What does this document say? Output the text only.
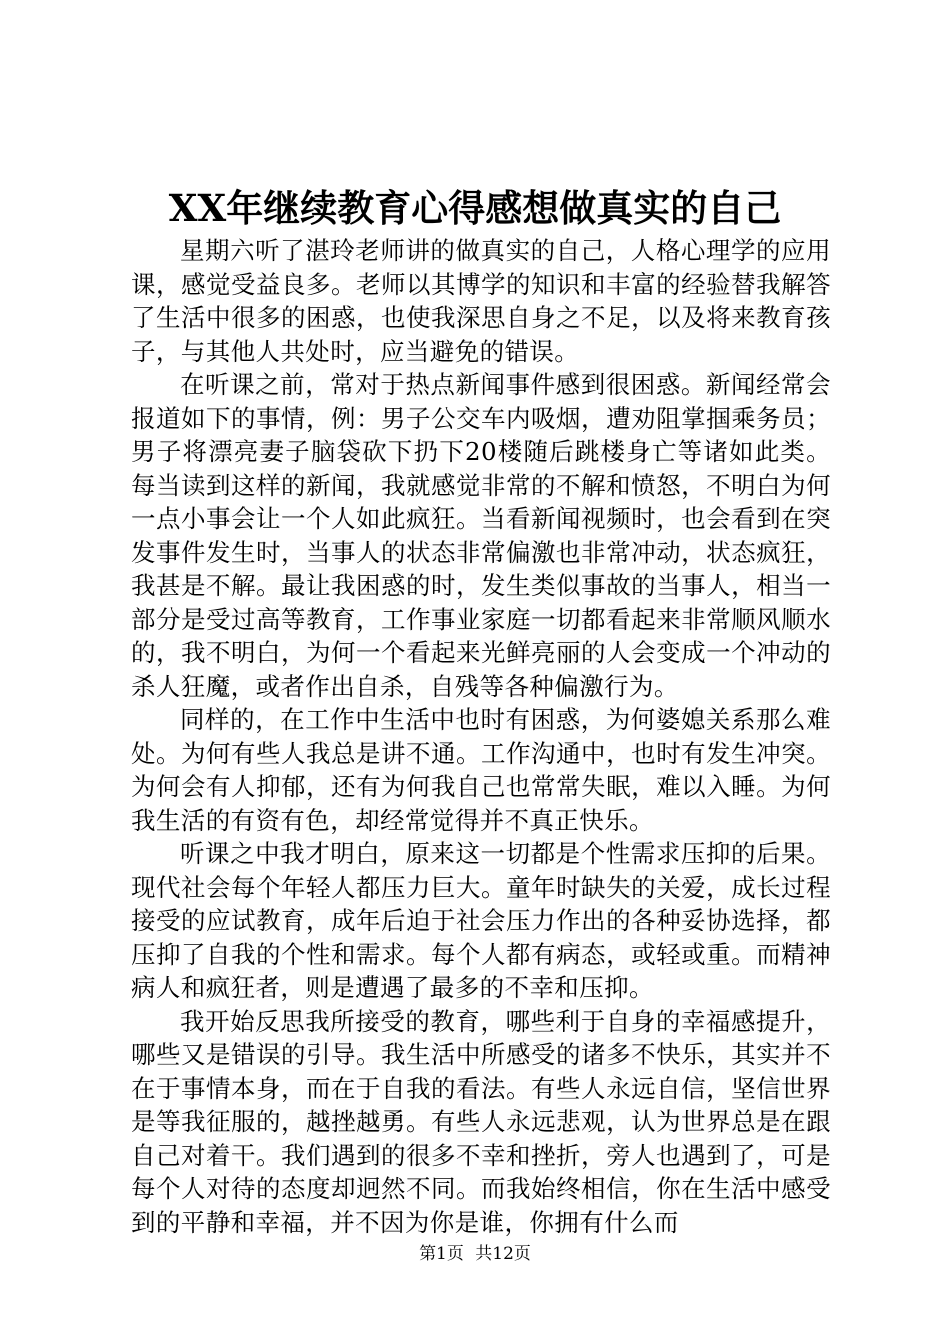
XX年继续教育心得感想做真实的自己

星期六听了湛玲老师讲的做真实的自己，人格心理学的应用课，感觉受益良多。老师以其博学的知识和丰富的经验替我解答了生活中很多的困惑，也使我深思自身之不足，以及将来教育孩子，与其他人共处时，应当避免的错误。

在听课之前，常对于热点新闻事件感到很困惑。新闻经常会报道如下的事情，例：男子公交车内吸烟，遭劝阻掌掴乘务员；男子将漂亮妻子脑袋砍下扔下20楼随后跳楼身亡等诸如此类。每当读到这样的新闻，我就感觉非常的不解和愤怒，不明白为何一点小事会让一个人如此疯狂。当看新闻视频时，也会看到在突发事件发生时，当事人的状态非常偏激也非常冲动，状态疯狂，我甚是不解。最让我困惑的时，发生类似事故的当事人，相当一部分是受过高等教育，工作事业家庭一切都看起来非常顺风顺水的，我不明白，为何一个看起来光鲜亮丽的人会变成一个冲动的杀人狂魔，或者作出自杀，自残等各种偏激行为。

同样的，在工作中生活中也时有困惑，为何婆媳关系那么难处。为何有些人我总是讲不通。工作沟通中，也时有发生冲突。为何会有人抑郁，还有为何我自己也常常失眠，难以入睡。为何我生活的有资有色，却经常觉得并不真正快乐。

听课之中我才明白，原来这一切都是个性需求压抑的后果。现代社会每个年轻人都压力巨大。童年时缺失的关爱，成长过程接受的应试教育，成年后迫于社会压力作出的各种妥协选择，都压抑了自我的个性和需求。每个人都有病态，或轻或重。而精神病人和疯狂者，则是遭遇了最多的不幸和压抑。

我开始反思我所接受的教育，哪些利于自身的幸福感提升，哪些又是错误的引导。我生活中所感受的诸多不快乐，其实并不在于事情本身，而在于自我的看法。有些人永远自信，坚信世界是等我征服的，越挫越勇。有些人永远悲观，认为世界总是在跟自己对着干。我们遇到的很多不幸和挫折，旁人也遇到了，可是每个人对待的态度却迥然不同。而我始终相信，你在生活中感受到的平静和幸福，并不因为你是谁，你拥有什么而

第1页 共12页
